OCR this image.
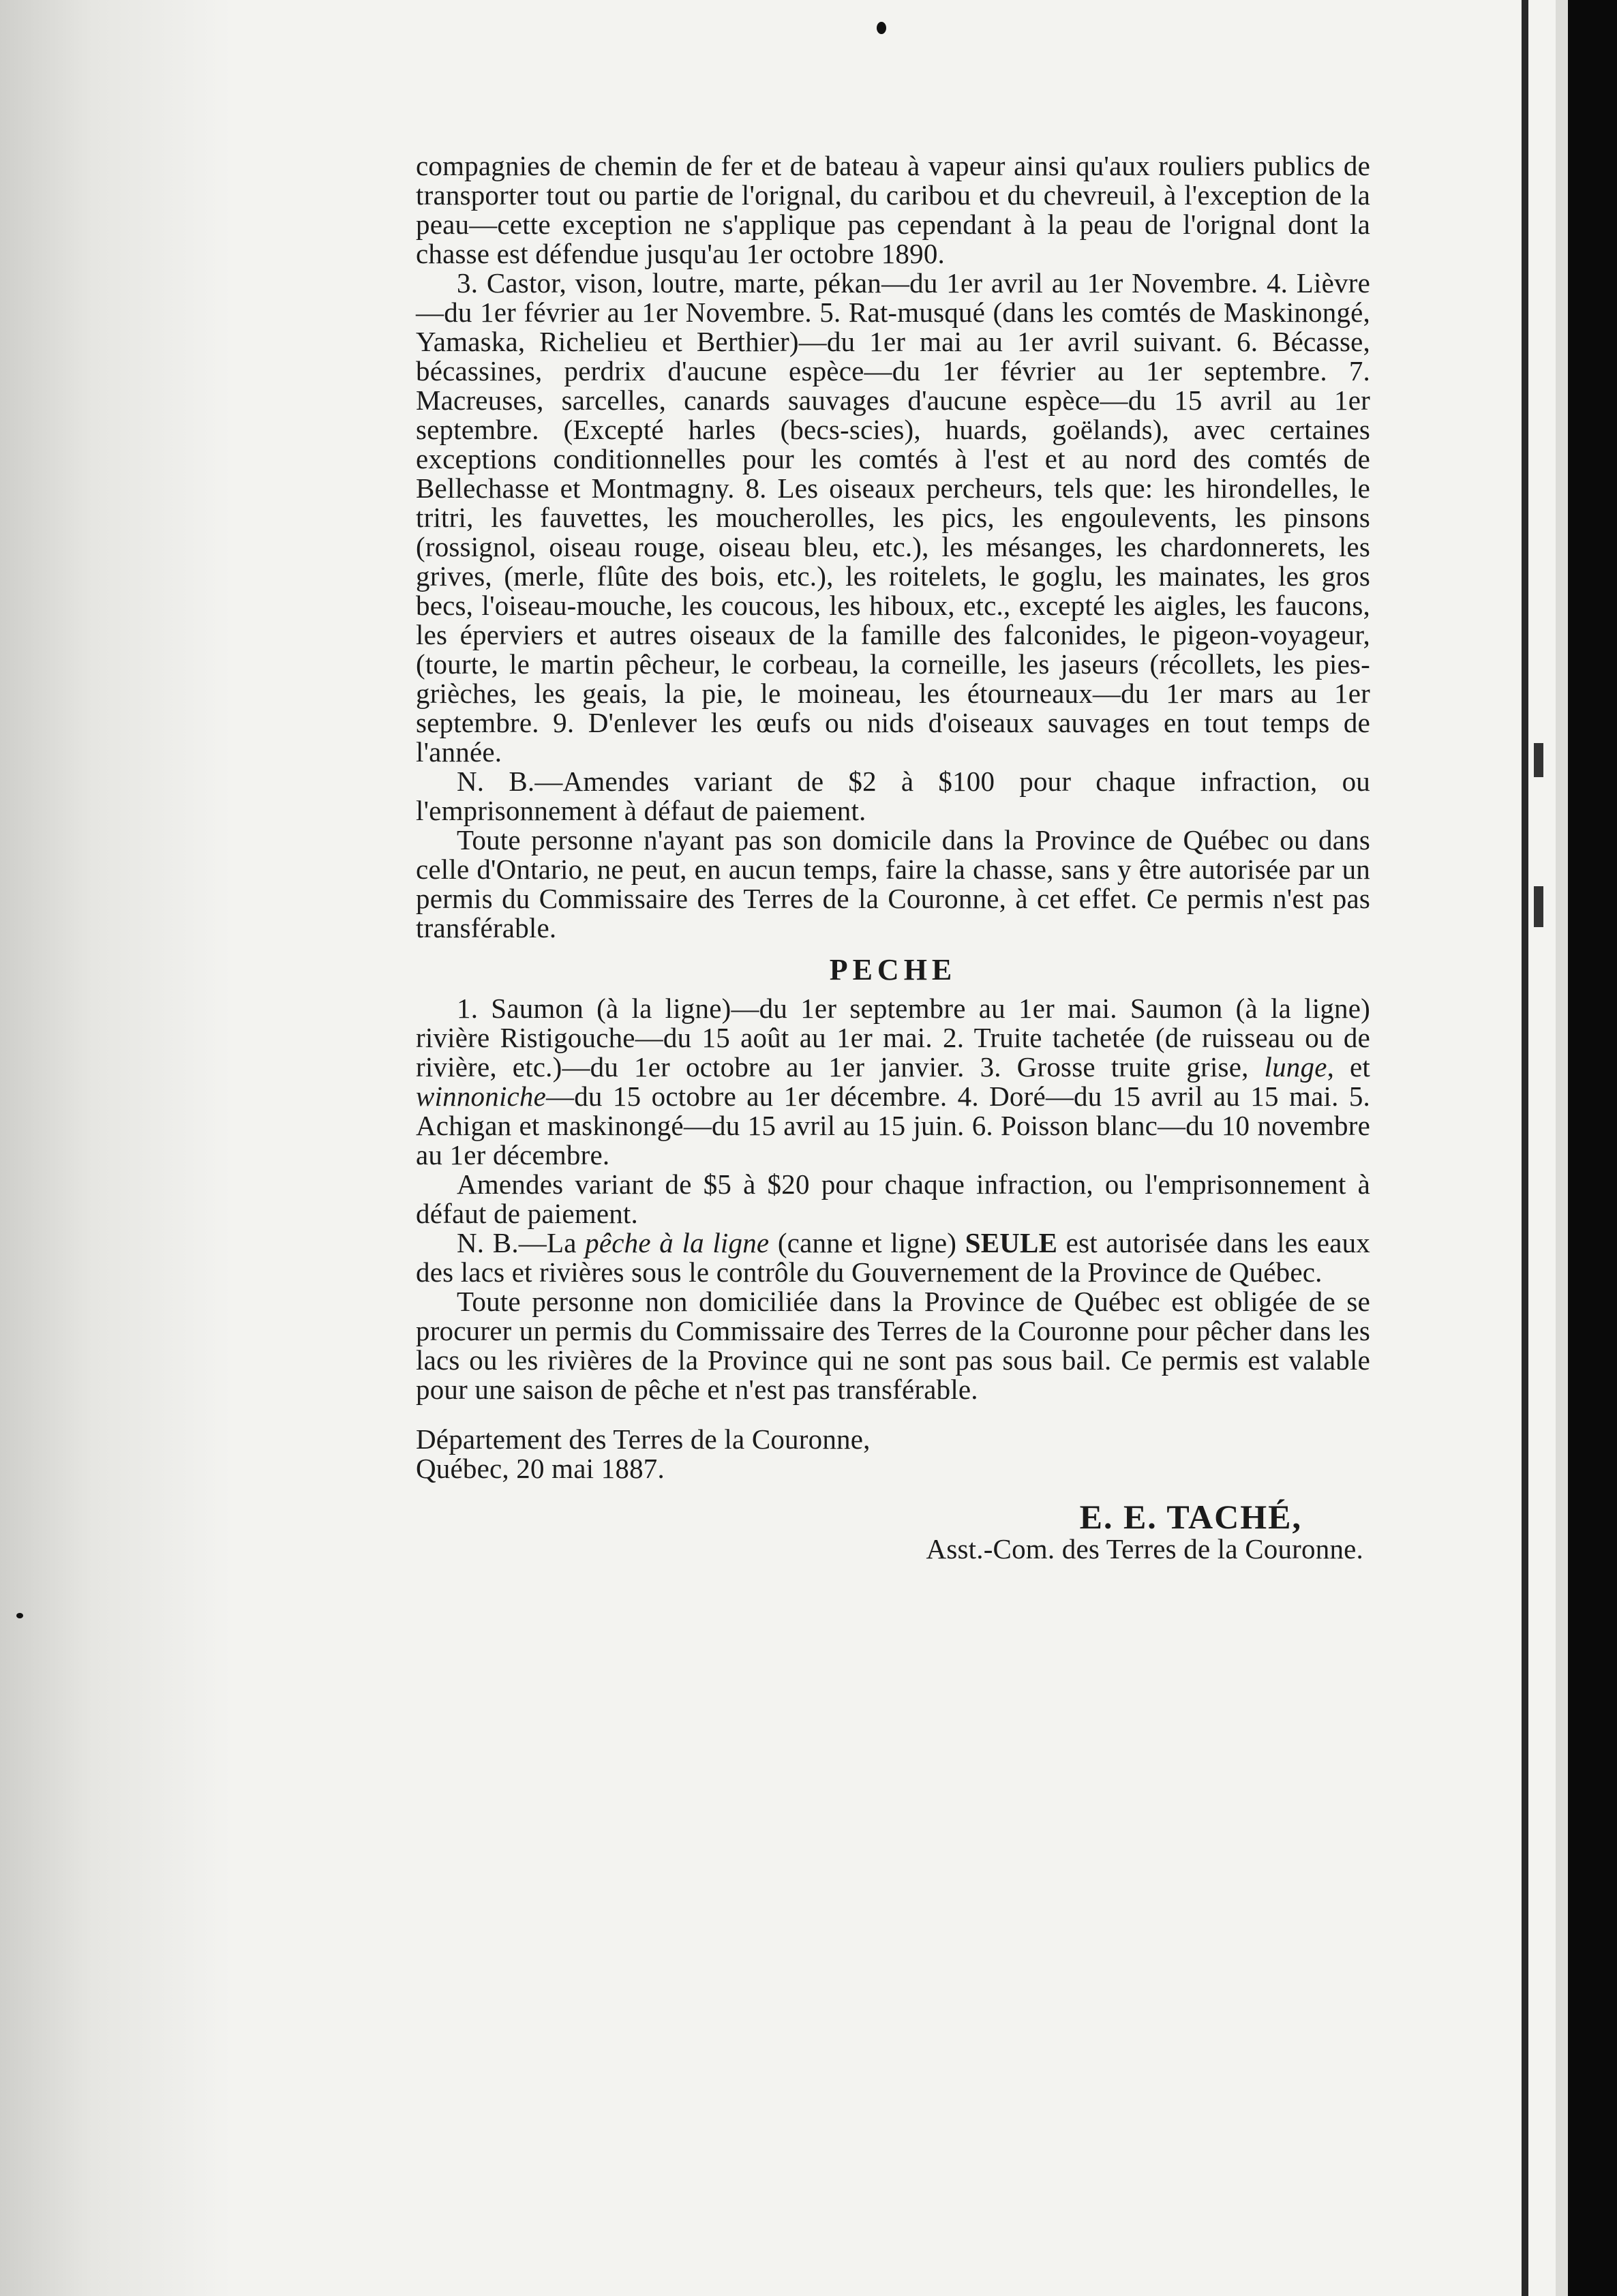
compagnies de chemin de fer et de bateau à vapeur ainsi qu'aux rouliers publics de transporter tout ou partie de l'orignal, du caribou et du chevreuil, à l'exception de la peau—cette exception ne s'applique pas cependant à la peau de l'orignal dont la chasse est défendue jusqu'au 1er octobre 1890.

3. Castor, vison, loutre, marte, pékan—du 1er avril au 1er Novembre. 4. Lièvre—du 1er février au 1er Novembre. 5. Rat-musqué (dans les comtés de Maskinongé, Yamaska, Richelieu et Berthier)—du 1er mai au 1er avril suivant. 6. Bécasse, bécassines, perdrix d'aucune espèce—du 1er février au 1er septembre. 7. Macreuses, sarcelles, canards sauvages d'aucune espèce—du 15 avril au 1er septembre. (Excepté harles (becs-scies), huards, goëlands), avec certaines exceptions conditionnelles pour les comtés à l'est et au nord des comtés de Bellechasse et Montmagny. 8. Les oiseaux percheurs, tels que: les hirondelles, le tritri, les fauvettes, les moucherolles, les pics, les engoulevents, les pinsons (rossignol, oiseau rouge, oiseau bleu, etc.), les mésanges, les chardonnerets, les grives, (merle, flûte des bois, etc.), les roitelets, le goglu, les mainates, les gros becs, l'oiseau-mouche, les coucous, les hiboux, etc., excepté les aigles, les faucons, les éperviers et autres oiseaux de la famille des falconides, le pigeon-voyageur, (tourte, le martin pêcheur, le corbeau, la corneille, les jaseurs (récollets, les pies-grièches, les geais, la pie, le moineau, les étourneaux—du 1er mars au 1er septembre. 9. D'enlever les œufs ou nids d'oiseaux sauvages en tout temps de l'année.

N. B.—Amendes variant de $2 à $100 pour chaque infraction, ou l'emprisonnement à défaut de paiement.

Toute personne n'ayant pas son domicile dans la Province de Québec ou dans celle d'Ontario, ne peut, en aucun temps, faire la chasse, sans y être autorisée par un permis du Commissaire des Terres de la Couronne, à cet effet. Ce permis n'est pas transférable.

PECHE

1. Saumon (à la ligne)—du 1er septembre au 1er mai. Saumon (à la ligne) rivière Ristigouche—du 15 août au 1er mai. 2. Truite tachetée (de ruisseau ou de rivière, etc.)—du 1er octobre au 1er janvier. 3. Grosse truite grise, lunge, et winnoniche—du 15 octobre au 1er décembre. 4. Doré—du 15 avril au 15 mai. 5. Achigan et maskinongé—du 15 avril au 15 juin. 6. Poisson blanc—du 10 novembre au 1er décembre.

Amendes variant de $5 à $20 pour chaque infraction, ou l'emprisonnement à défaut de paiement.

N. B.—La pêche à la ligne (canne et ligne) SEULE est autorisée dans les eaux des lacs et rivières sous le contrôle du Gouvernement de la Province de Québec.

Toute personne non domiciliée dans la Province de Québec est obligée de se procurer un permis du Commissaire des Terres de la Couronne pour pêcher dans les lacs ou les rivières de la Province qui ne sont pas sous bail. Ce permis est valable pour une saison de pêche et n'est pas transférable.

Département des Terres de la Couronne,
Québec, 20 mai 1887.

E. E. TACHÉ,

Asst.-Com. des Terres de la Couronne.
